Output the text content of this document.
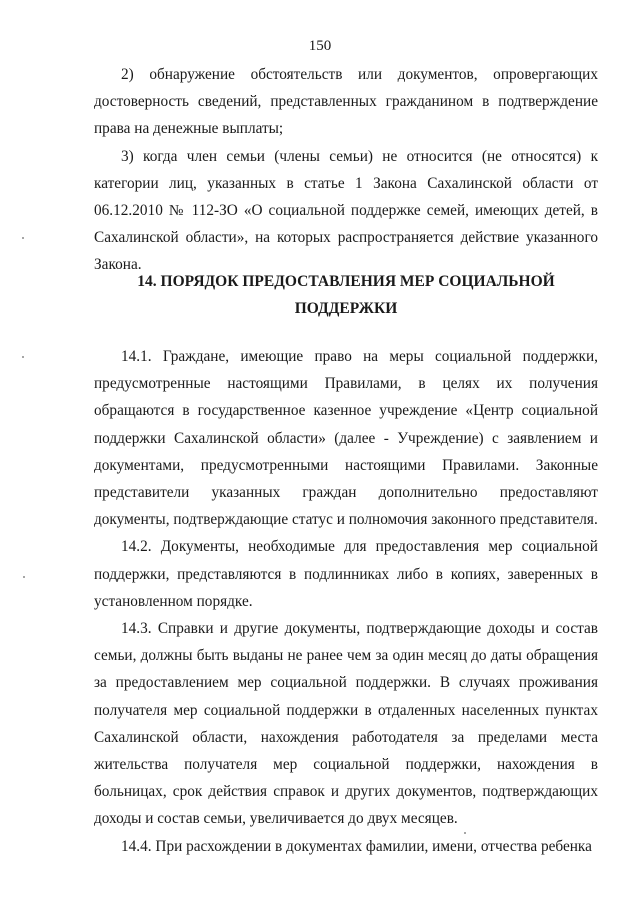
150

2) обнаружение обстоятельств или документов, опровергающих достоверность сведений, представленных гражданином в подтверждение права на денежные выплаты;

3) когда член семьи (члены семьи) не относится (не относятся) к категории лиц, указанных в статье 1 Закона Сахалинской области от 06.12.2010 № 112-ЗО «О социальной поддержке семей, имеющих детей, в Сахалинской области», на которых распространяется действие указанного Закона.

14. ПОРЯДОК ПРЕДОСТАВЛЕНИЯ МЕР СОЦИАЛЬНОЙ

ПОДДЕРЖКИ

14.1. Граждане, имеющие право на меры социальной поддержки, предусмотренные настоящими Правилами, в целях их получения обращаются в государственное казенное учреждение «Центр социальной поддержки Сахалинской области» (далее - Учреждение) с заявлением и документами, предусмотренными настоящими Правилами. Законные представители указанных граждан дополнительно предоставляют документы, подтверждающие статус и полномочия законного представителя.

14.2. Документы, необходимые для предоставления мер социальной поддержки, представляются в подлинниках либо в копиях, заверенных в установленном порядке.

14.3. Справки и другие документы, подтверждающие доходы и состав семьи, должны быть выданы не ранее чем за один месяц до даты обращения за предоставлением мер социальной поддержки. В случаях проживания получателя мер социальной поддержки в отдаленных населенных пунктах Сахалинской области, нахождения работодателя за пределами места жительства получателя мер социальной поддержки, нахождения в больницах, срок действия справок и других документов, подтверждающих доходы и состав семьи, увеличивается до двух месяцев.

14.4. При расхождении в документах фамилии, имени, отчества ребенка
